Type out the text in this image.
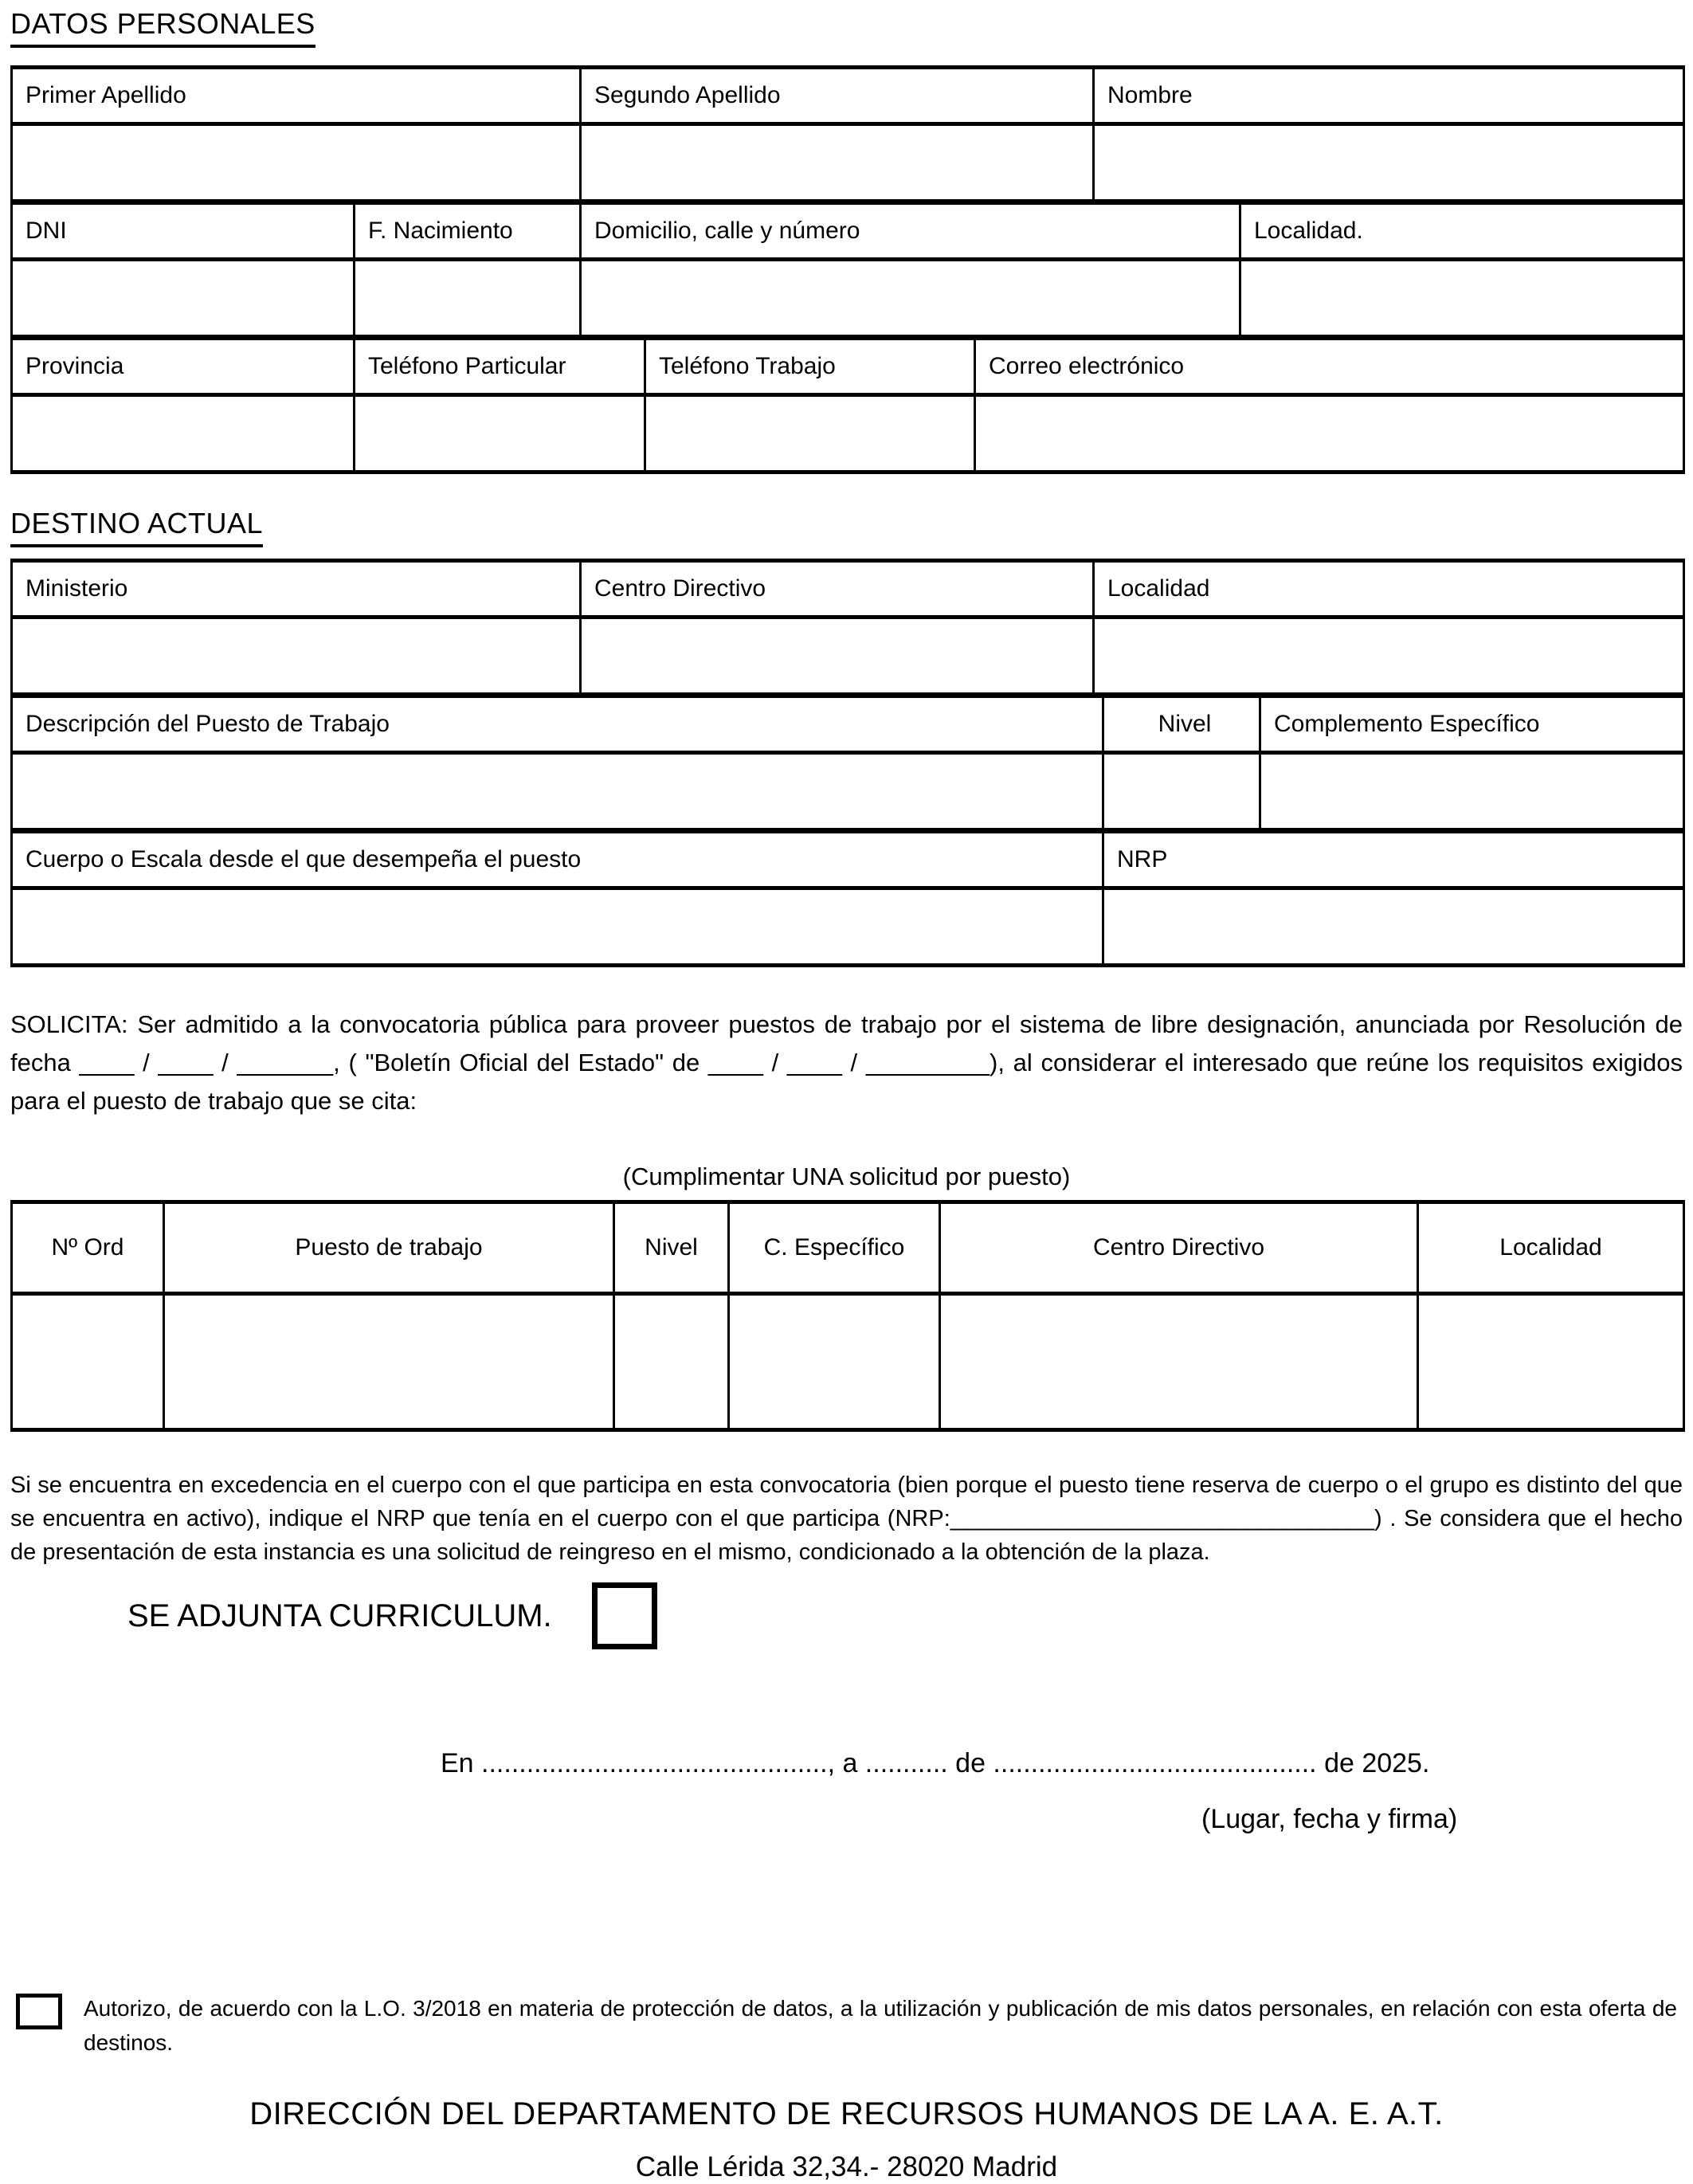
DATOS PERSONALES
Primer Apellido	Segundo Apellido	Nombre

DNI	F. Nacimiento	Domicilio, calle y número	Localidad.

Provincia	Teléfono Particular	Teléfono Trabajo	Correo electrónico

DESTINO ACTUAL
Ministerio	Centro Directivo	Localidad

Descripción del Puesto de Trabajo	Nivel	Complemento Específico

Cuerpo o Escala desde el que desempeña el puesto	NRP

SOLICITA: Ser admitido a la convocatoria pública para proveer puestos de trabajo por el sistema de libre designación, anunciada por Resolución de fecha ____ / ____ / _______, ( "Boletín Oficial del Estado" de ____ / ____ / _________), al considerar el interesado que reúne los requisitos exigidos para el puesto de trabajo que se cita:

(Cumplimentar UNA solicitud por puesto)
Nº Ord	Puesto de trabajo	Nivel	C. Específico	Centro Directivo	Localidad

Si se encuentra en excedencia en el cuerpo con el que participa en esta convocatoria (bien porque el puesto tiene reserva de cuerpo o el grupo es distinto del que se encuentra en activo), indique el NRP que tenía en el cuerpo con el que participa (NRP:_________________________________) . Se considera que el hecho de presentación de esta instancia es una solicitud de reingreso en el mismo, condicionado a la obtención de la plaza.

SE ADJUNTA CURRICULUM.
En .............................................., a ........... de ........................................... de 2025.
(Lugar, fecha y firma)
Autorizo, de acuerdo con la L.O. 3/2018 en materia de protección de datos, a la utilización y publicación de mis datos personales, en relación con esta oferta de destinos.
DIRECCIÓN DEL DEPARTAMENTO DE RECURSOS HUMANOS DE LA A. E. A.T.
Calle Lérida 32,34.- 28020 Madrid
